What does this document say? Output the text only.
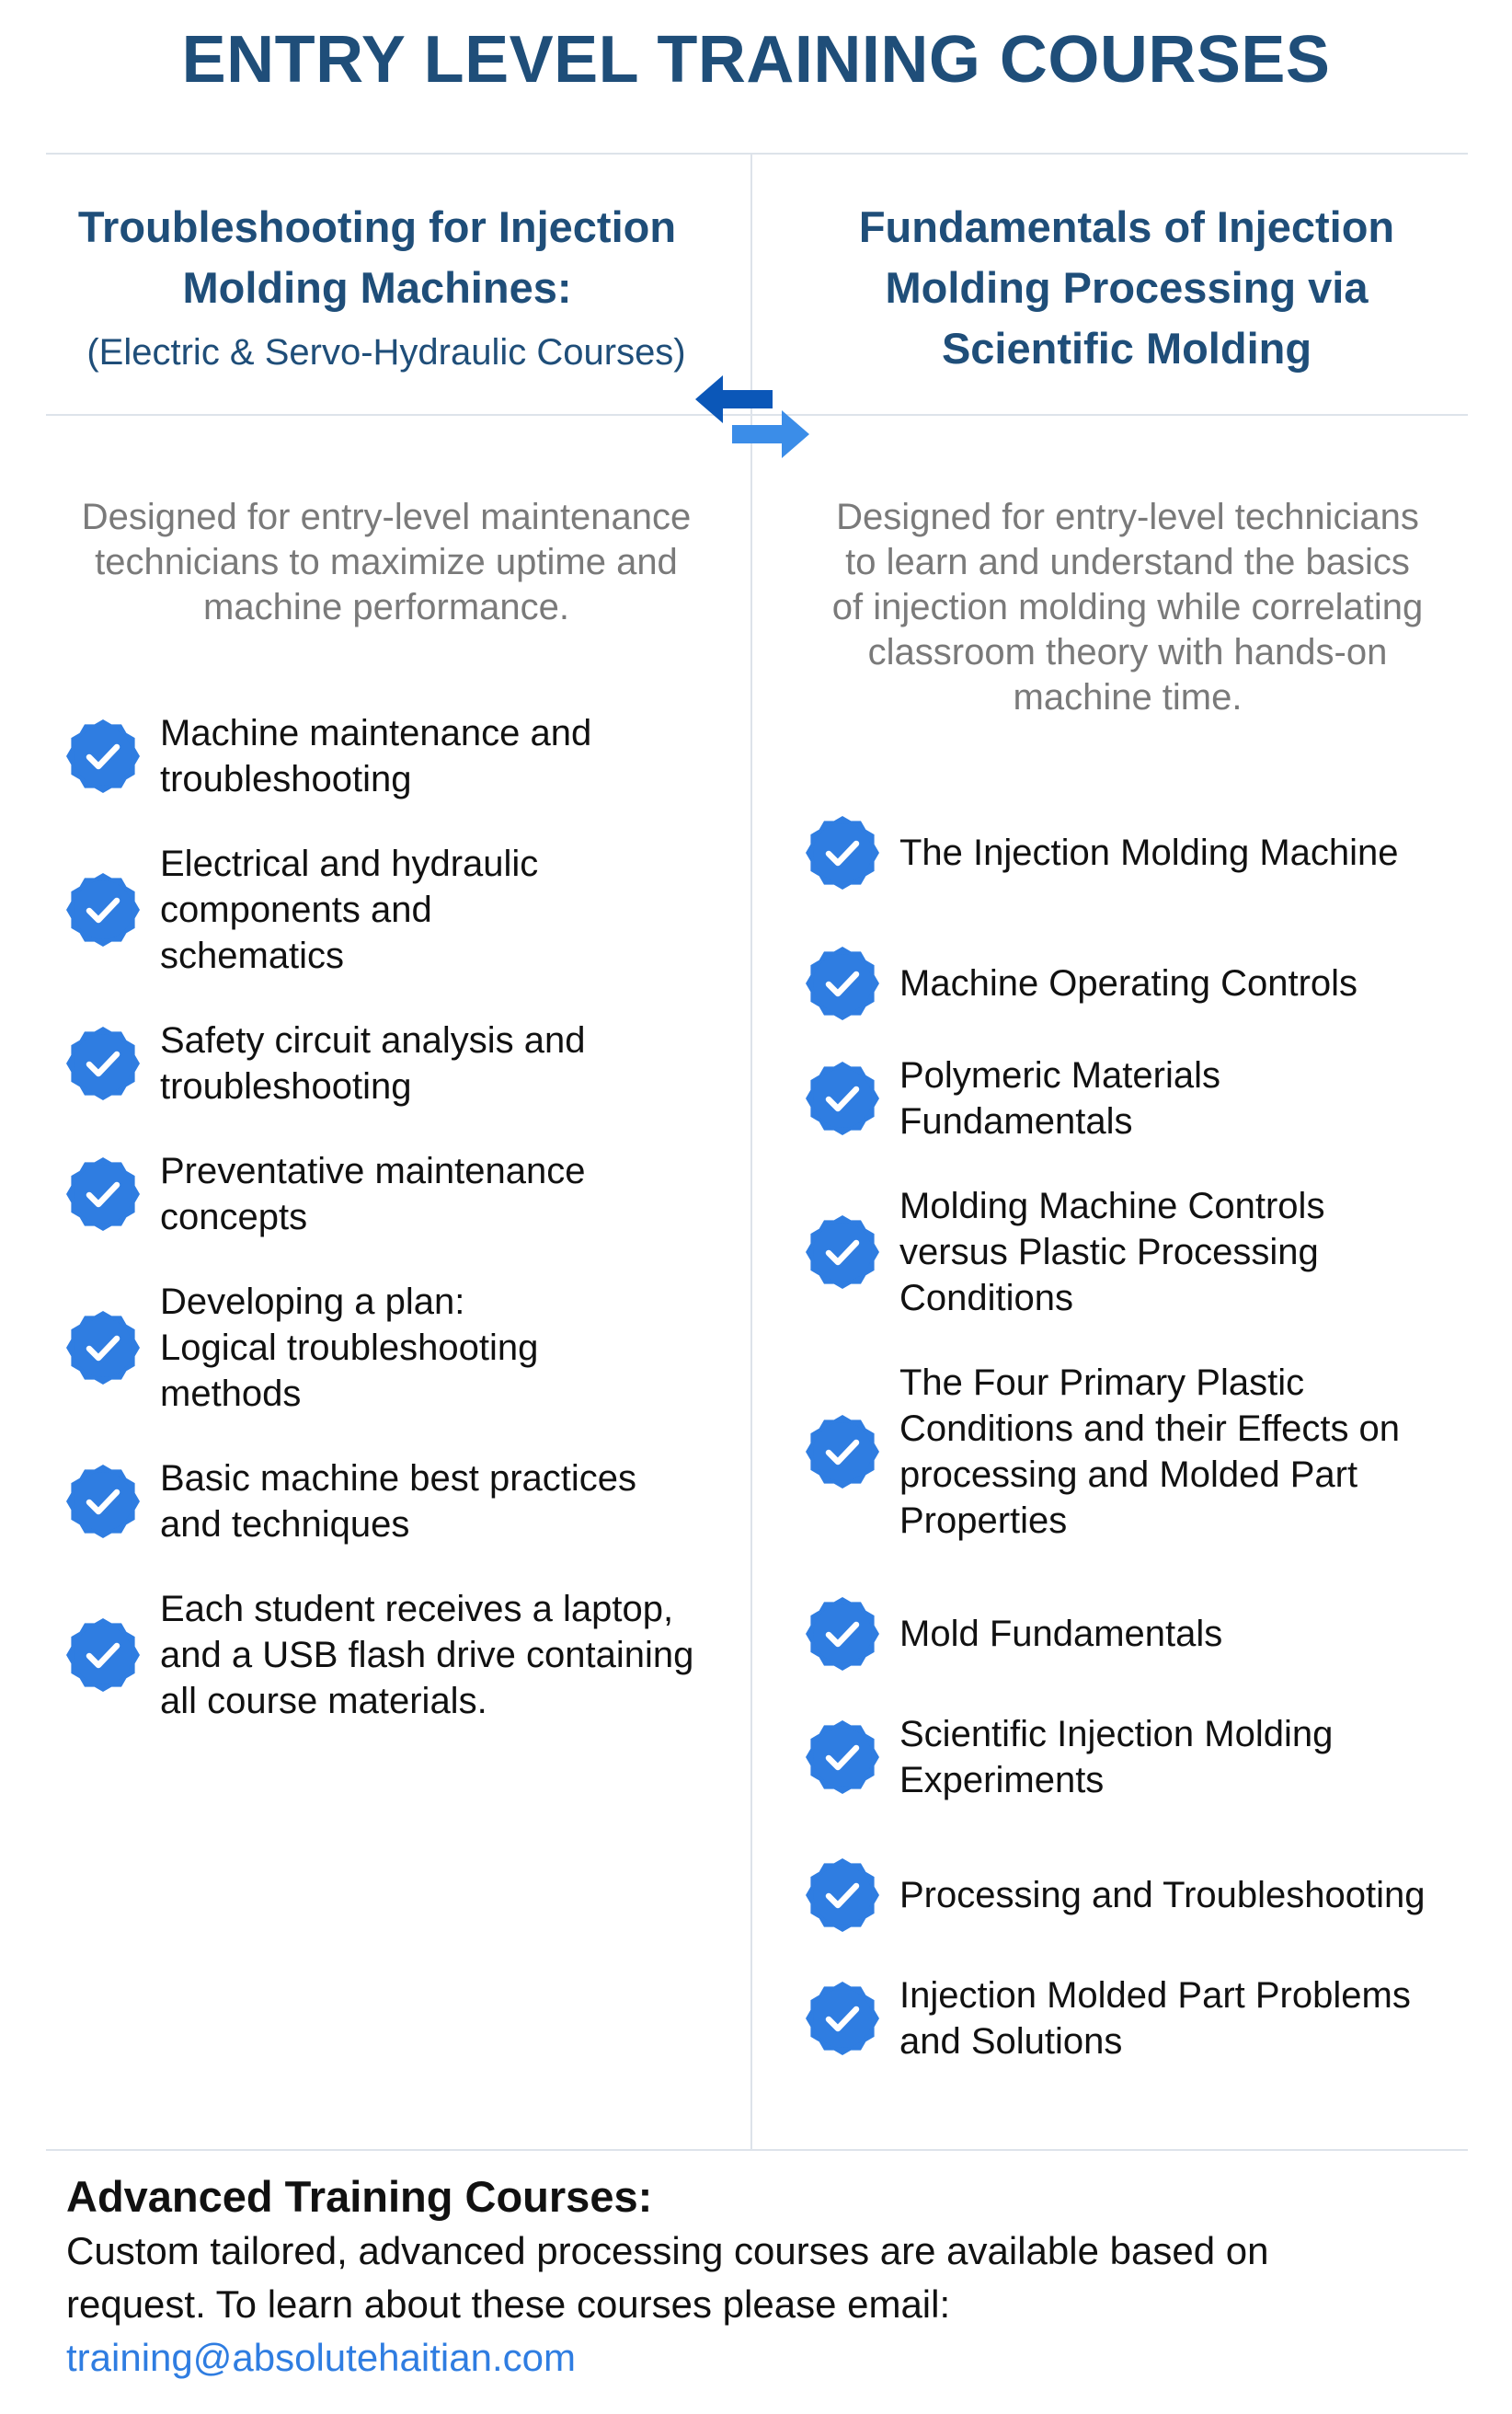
ENTRY LEVEL TRAINING COURSES
Troubleshooting for Injection
Molding Machines:
(Electric & Servo-Hydraulic Courses)
Fundamentals of Injection
Molding Processing via
Scientific Molding
Designed for entry-level maintenance
technicians to maximize uptime and
machine performance.
Designed for entry-level technicians
to learn and understand the basics
of injection molding while correlating
classroom theory with hands-on
machine time.
Machine maintenance and
troubleshooting
Electrical and hydraulic
components and
schematics
Safety circuit analysis and
troubleshooting
Preventative maintenance
concepts
Developing a plan:
Logical troubleshooting
methods
Basic machine best practices
and techniques
Each student receives a laptop,
and a USB flash drive containing
all course materials.
The Injection Molding Machine
Machine Operating Controls
Polymeric Materials
Fundamentals
Molding Machine Controls
versus Plastic Processing
Conditions
The Four Primary Plastic
Conditions and their Effects on
processing and Molded Part
Properties
Mold Fundamentals
Scientific Injection Molding
Experiments
Processing and Troubleshooting
Injection Molded Part Problems
and Solutions
Advanced Training Courses:
Custom tailored, advanced processing courses are available based on
request. To learn about these courses please email:
training@absolutehaitian.com
